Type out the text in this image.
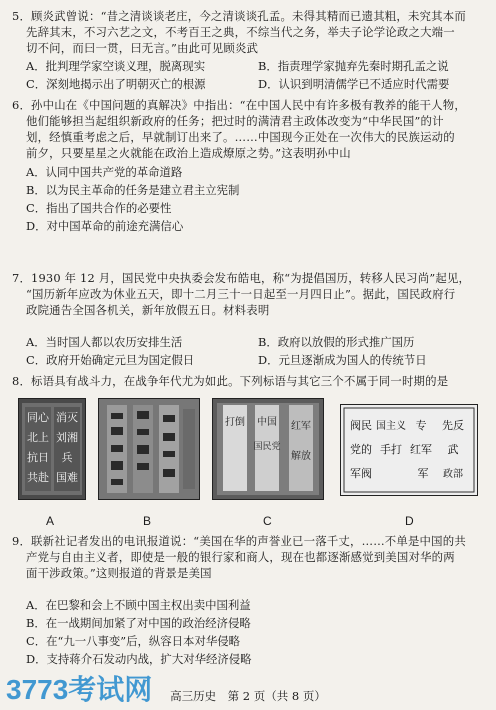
5．顾炎武曾说：“昔之清谈谈老庄，今之清谈谈孔孟。未得其精而已遗其粗，未究其本而
先辞其末，不习六艺之文，不考百王之典，不综当代之务，举夫子论学论政之大端一
切不问，而曰一贯，曰无言。”由此可见顾炎武
A．批判理学家空谈义理，脱离现实	B．指责理学家抛弃先秦时期孔孟之说
C．深刻地揭示出了明朝灭亡的根源	D．认识到明清儒学已不适应时代需要
6．孙中山在《中国问题的真解决》中指出：“在中国人民中有许多极有教养的能干人物，
他们能够担当起组织新政府的任务；把过时的满清君主政体改变为“中华民国”的计
划，经慎重考虑之后，早就制订出来了。……中国现今正处在一次伟大的民族运动的
前夕，只要星星之火就能在政治上造成燎原之势。”这表明孙中山
A．认同中国共产党的革命道路
B．以为民主革命的任务是建立君主立宪制
C．指出了国共合作的必要性
D．对中国革命的前途充满信心
7．1930 年 12 月，国民党中央执委会发布皓电，称“为提倡国历，转移人民习尚”起见，
“国历新年应改为休业五天，即十二月三十一日起至一月四日止”。据此，国民政府行
政院通告全国各机关，新年放假五日。材料表明
A．当时国人都以农历安排生活	B．政府以放假的形式推广国历
C．政府开始确定元旦为国定假日	D．元旦逐渐成为国人的传统节日
8．标语具有战斗力，在战争年代尤为如此。下列标语与其它三个不属于同一时期的是
同心
北上
抗日
共赴
消灭
刘湘
兵
国难
打倒 中国
国民党
红军
解放
阀民
党的
军阀
手打
国主义
红军
先反
军
专
武
政部
A	B	C	D
9．联新社记者发出的电讯报道说：“美国在华的声誉业已一落千丈，……不单是中国的共
产党与自由主义者，即使是一般的银行家和商人，现在也都逐渐感觉到美国对华的两
面干涉政策。”这则报道的背景是美国
A．在巴黎和会上不顾中国主权出卖中国利益
B．在一战期间加紧了对中国的政治经济侵略
C．在“九一八事变”后，纵容日本对华侵略
D．支持蒋介石发动内战，扩大对华经济侵略
3773考试网	高三历史　第 2 页（共 8 页）
